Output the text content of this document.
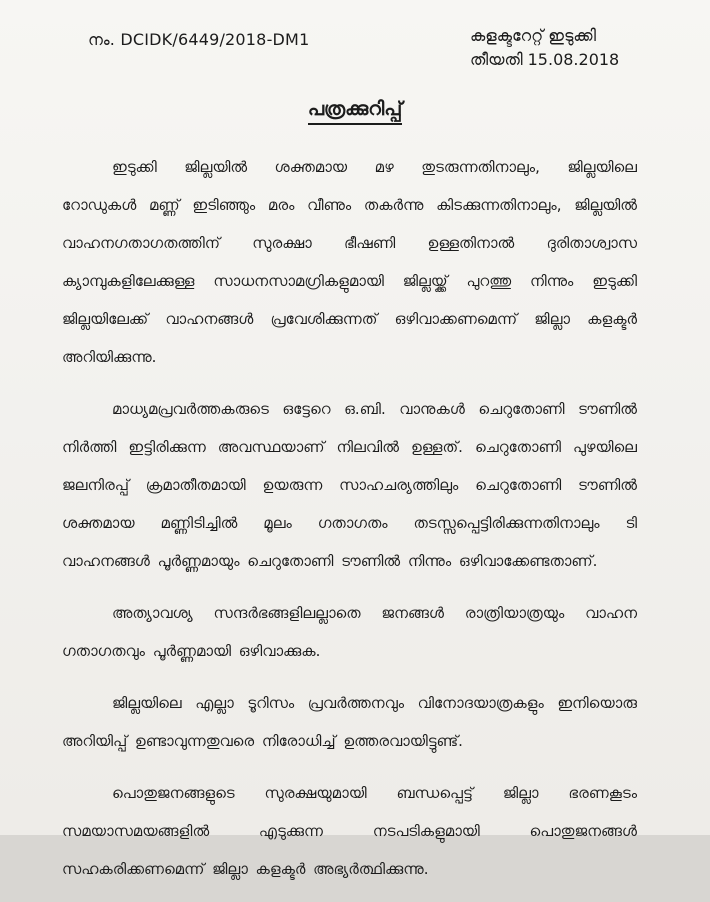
നം. DCIDK/6449/2018-DM1	കളക്ടറേറ്റ് ഇടുക്കി
തീയതി 15.08.2018
പത്രക്കുറിപ്പ്

ഇടുക്കി ജില്ലയിൽ ശക്തമായ മഴ തുടരുന്നതിനാലും, ജില്ലയിലെ റോഡുകൾ മണ്ണ് ഇടിഞ്ഞും മരം വീണും തകർന്നു കിടക്കുന്നതിനാലും, ജില്ലയിൽ വാഹനഗതാഗതത്തിന് സുരക്ഷാ ഭീഷണി ഉള്ളതിനാൽ ദുരിതാശ്വാസ ക്യാമ്പുകളിലേക്കുള്ള സാധനസാമഗ്രികളുമായി ജില്ലയ്ക്ക് പുറത്തു നിന്നും ഇടുക്കി ജില്ലയിലേക്ക് വാഹനങ്ങൾ പ്രവേശിക്കുന്നത് ഒഴിവാക്കണമെന്ന് ജില്ലാ കളക്ടർ അറിയിക്കുന്നു.

മാധ്യമപ്രവർത്തകരുടെ ഒട്ടേറെ ഒ.ബി. വാനുകൾ ചെറുതോണി ടൗണിൽ നിർത്തി ഇട്ടിരിക്കുന്ന അവസ്ഥയാണ് നിലവിൽ ഉള്ളത്. ചെറുതോണി പുഴയിലെ ജലനിരപ്പ് ക്രമാതീതമായി ഉയരുന്ന സാഹചര്യത്തിലും ചെറുതോണി ടൗണിൽ ശക്തമായ മണ്ണിടിച്ചിൽ മൂലം ഗതാഗതം തടസ്സപ്പെട്ടിരിക്കുന്നതിനാലും ടി വാഹനങ്ങൾ പൂർണ്ണമായും ചെറുതോണി ടൗണിൽ നിന്നും ഒഴിവാക്കേണ്ടതാണ്.

അത്യാവശ്യ സന്ദർഭങ്ങളിലല്ലാതെ ജനങ്ങൾ രാത്രിയാത്രയും വാഹന ഗതാഗതവും പൂർണ്ണമായി ഒഴിവാക്കുക.

ജില്ലയിലെ എല്ലാ ടൂറിസം പ്രവർത്തനവും വിനോദയാത്രകളും ഇനിയൊരു അറിയിപ്പ് ഉണ്ടാവുന്നതുവരെ നിരോധിച്ച് ഉത്തരവായിട്ടുണ്ട്.

പൊതുജനങ്ങളുടെ സുരക്ഷയുമായി ബന്ധപ്പെട്ട് ജില്ലാ ഭരണകൂടം സമയാസമയങ്ങളിൽ എടുക്കുന്ന നടപടികളുമായി പൊതുജനങ്ങൾ സഹകരിക്കണമെന്ന് ജില്ലാ കളക്ടർ അഭ്യർത്ഥിക്കുന്നു.
